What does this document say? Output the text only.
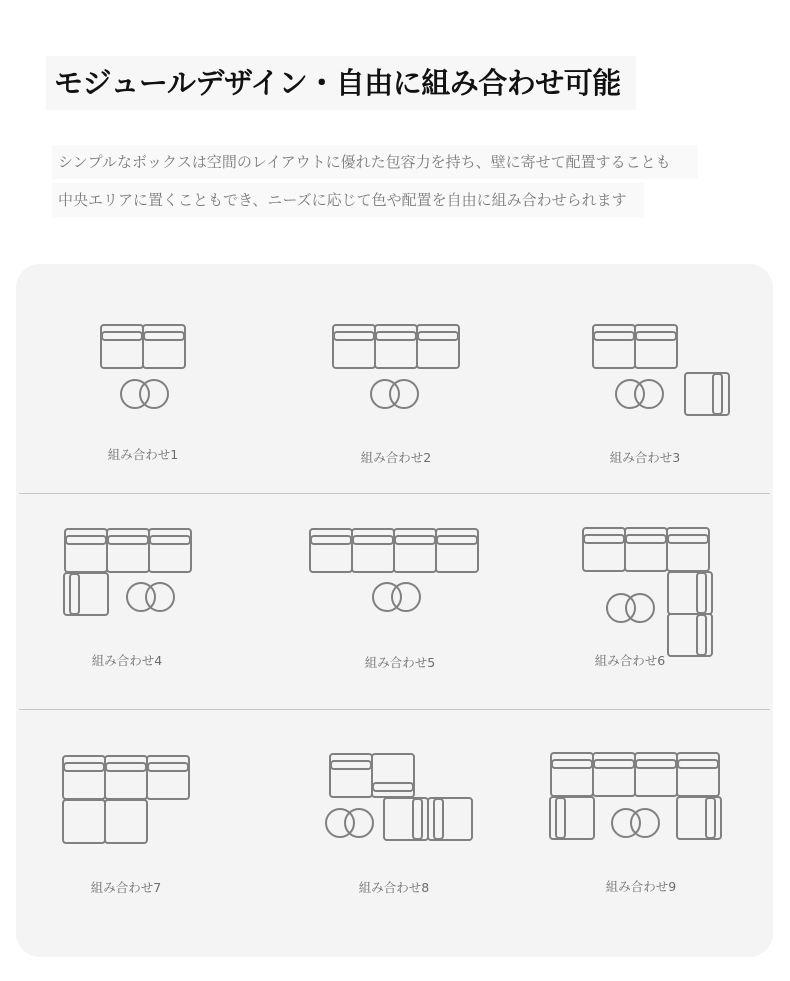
モジュールデザイン・自由に組み合わせ可能
シンプルなボックスは空間のレイアウトに優れた包容力を持ち、壁に寄せて配置することも
中央エリアに置くこともでき、ニーズに応じて色や配置を自由に組み合わせられます
組み合わせ1	組み合わせ2	組み合わせ3
組み合わせ4	組み合わせ5	組み合わせ6
組み合わせ7	組み合わせ8	組み合わせ9
